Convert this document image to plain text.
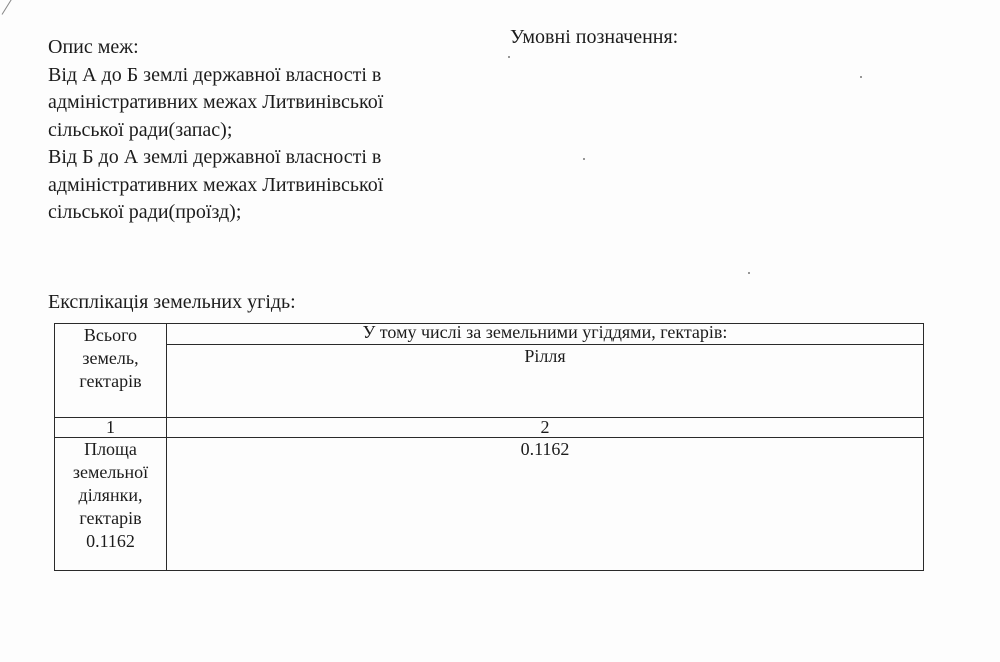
Опис меж:
Від А до Б землі державної власності в
адміністративних межах Литвинівської
сільської ради(запас);
Від Б до А землі державної власності в
адміністративних межах Литвинівської
сільської ради(проїзд);
Умовні позначення:
Експлікація земельних угідь:
Всього
земель,
гектарів	У тому числі за земельними угіддями, гектарів:
	Рілля
1	2

Площа
земельної
ділянки,
гектарів
0.1162	0.1162
